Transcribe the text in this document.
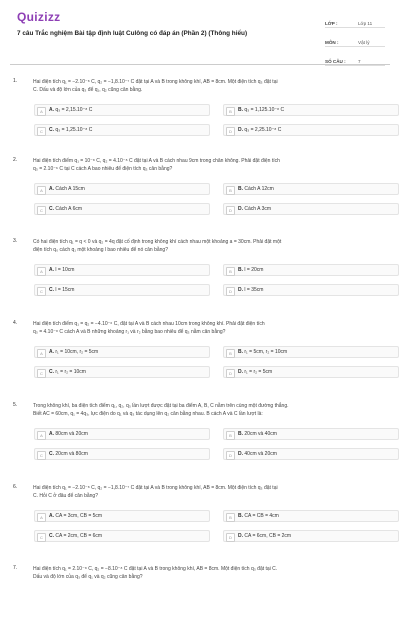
Quizizz
7 câu Trắc nghiệm Bài tập định luật Culông có đáp án (Phần 2) (Thông hiểu)
LỚP :	Lớp 11
MÔN :	Vật lý
SỐ CÂU :	7
1.	Hai điện tích q₁ = −2.10⁻⁸ C, q₂ = −1,8.10⁻⁷ C đặt tại A và B trong không khí, AB = 8cm. Một điện tích q₃ đặt tại
C. Dấu và độ lớn của q₃ để q₁, q₂ cũng cân bằng.
A	A. q₃ = 2,15.10⁻⁸ C	B	B. q₃ = 1,125.10⁻⁸ C
C	C. q₃ = 1,25.10⁻⁸ C	D	D. q₃ = 2,25.10⁻⁸ C
2.	Hai điện tích điểm q₁ = 10⁻⁸ C, q₂ = 4.10⁻⁸ C đặt tại A và B cách nhau 9cm trong chân không. Phải đặt điện tích
q₃ = 2.10⁻⁶ C tại C cách A bao nhiêu để điện tích q₃ cân bằng?
A	A. Cách A 15cm	B	B. Cách A 12cm
C	C. Cách A 6cm	D	D. Cách A 3cm
3.	Có hai điện tích q₁ = q < 0 và q₂ = 4q đặt cố định trong không khí cách nhau một khoảng a = 30cm. Phải đặt một
điện tích q₀ cách q₁ một khoảng l bao nhiêu để nó cân bằng?
A	A. l = 10cm	B	B. l = 20cm
C	C. l = 15cm	D	D. l = 35cm
4.	Hai điện tích điểm q₁ = q₂ = −4.10⁻⁶ C, đặt tại A và B cách nhau 10cm trong không khí. Phải đặt điện tích
q₃ = 4.10⁻⁸ C cách A và B những khoảng r₁ và r₂ bằng bao nhiêu để q₃ nằm cân bằng?
A	A. r₁ = 10cm, r₂ = 5cm	B	B. r₁ = 5cm, r₂ = 10cm
C	C. r₁ = r₂ = 10cm	D	D. r₁ = r₂ = 5cm
5.	Trong không khí, ba điện tích điểm q₁, q₂, q₃ lần lượt được đặt tại ba điểm A, B, C nằm trên cùng một đường thẳng.
Biết AC = 60cm, q₁ = 4q₃, lực điện do q₁ và q₃ tác dụng lên q₂ cân bằng nhau. B cách A và C lần lượt là:
A	A. 80cm và 20cm	B	B. 20cm và 40cm
C	C. 20cm và 80cm	D	D. 40cm và 20cm
6.	Hai điện tích q₁ = −2.10⁻⁸ C, q₂ = −1,8.10⁻⁷ C đặt tại A và B trong không khí, AB = 8cm. Một điện tích q₃ đặt tại
C. Hỏi C ở đâu để cân bằng?
A	A. CA = 3cm, CB = 5cm	B	B. CA = CB = 4cm
C	C. CA = 2cm, CB = 6cm	D	D. CA = 6cm, CB = 2cm
7.	Hai điện tích q₁ = 2.10⁻⁸ C, q₂ = −8.10⁻⁸ C đặt tại A và B trong không khí, AB = 8cm. Một điện tích q₃ đặt tại C.
Dấu và độ lớn của q₃ để q₁ và q₂ cũng cân bằng?
